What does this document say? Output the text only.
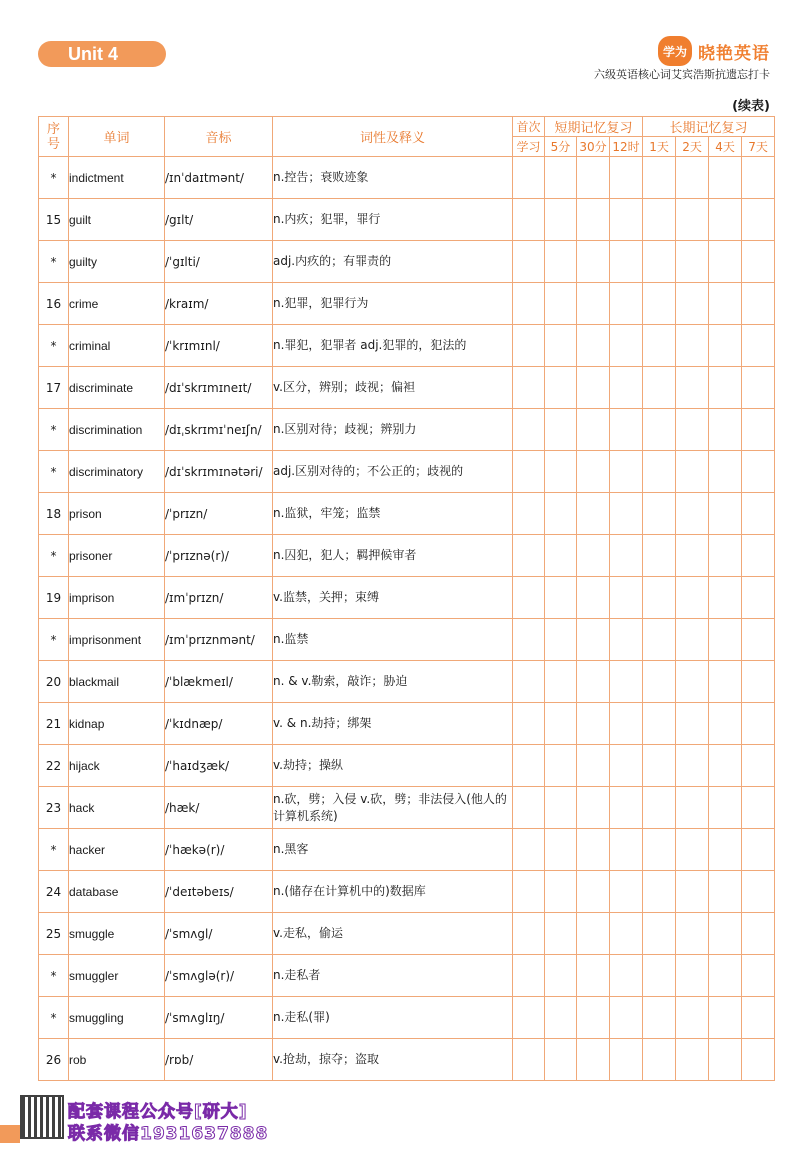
Unit 4	学为 晓艳英语
六级英语核心词艾宾浩斯抗遗忘打卡
(续表)
序号	单词	音标	词性及释义	首次	短期记忆复习			长期记忆复习			
				学习	5分	30分	12时	1天	2天	4天	7天
*	indictment	/ɪnˈdaɪtmənt/	n.控告；衰败迹象								
15	guilt	/gɪlt/	n.内疚；犯罪，罪行								
*	guilty	/ˈgɪlti/	adj.内疚的；有罪责的								
16	crime	/kraɪm/	n.犯罪，犯罪行为								
*	criminal	/ˈkrɪmɪnl/	n.罪犯，犯罪者 adj.犯罪的，犯法的								
17	discriminate	/dɪˈskrɪmɪneɪt/	v.区分，辨别；歧视；偏袒								
*	discrimination	/dɪˌskrɪmɪˈneɪʃn/	n.区别对待；歧视；辨别力								
*	discriminatory	/dɪˈskrɪmɪnətəri/	adj.区别对待的；不公正的；歧视的								
18	prison	/ˈprɪzn/	n.监狱，牢笼；监禁								
*	prisoner	/ˈprɪznə(r)/	n.囚犯，犯人；羁押候审者								
19	imprison	/ɪmˈprɪzn/	v.监禁，关押；束缚								
*	imprisonment	/ɪmˈprɪznmənt/	n.监禁								
20	blackmail	/ˈblækmeɪl/	n. & v.勒索，敲诈；胁迫								
21	kidnap	/ˈkɪdnæp/	v. & n.劫持；绑架								
22	hijack	/ˈhaɪdʒæk/	v.劫持；操纵								
23	hack	/hæk/	n.砍，劈；入侵 v.砍，劈；非法侵入(他人的计算机系统)								
*	hacker	/ˈhækə(r)/	n.黑客								
24	database	/ˈdeɪtəbeɪs/	n.(储存在计算机中的)数据库								
25	smuggle	/ˈsmʌgl/	v.走私，偷运								
*	smuggler	/ˈsmʌglə(r)/	n.走私者								
*	smuggling	/ˈsmʌglɪŋ/	n.走私(罪)								
26	rob	/rɒb/	v.抢劫，掠夺；盗取								
配套课程公众号[研大]
联系微信1931637888
